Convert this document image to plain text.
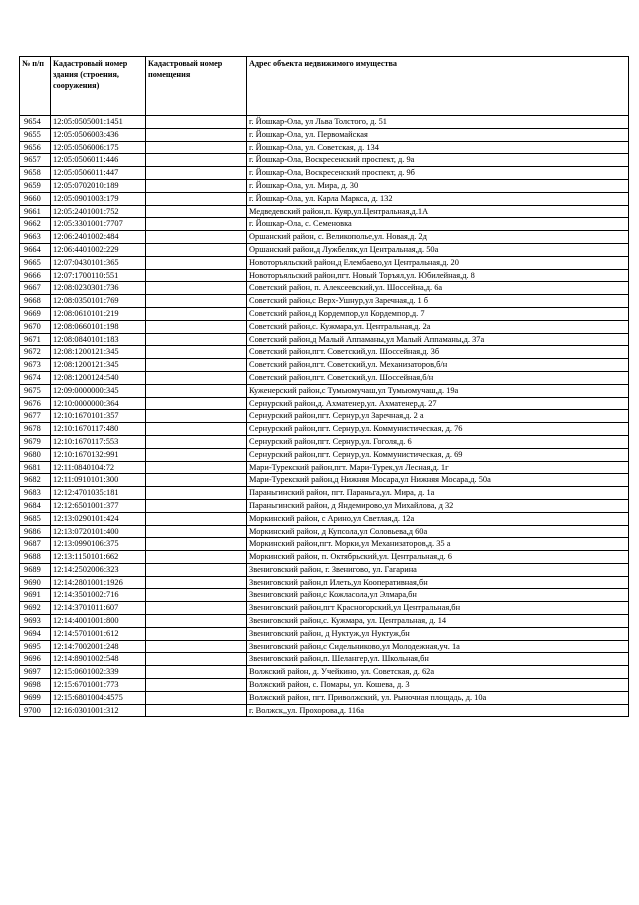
№ п/п	Кадастровый номер здания (строения, сооружения)	Кадастровый номер помещения	Адрес объекта недвижимого имущества
9654	12:05:0505001:1451		г. Йошкар-Ола, ул Льва Толстого, д. 51
9655	12:05:0506003:436		г. Йошкар-Ола, ул. Первомайская
9656	12:05:0506006:175		г. Йошкар-Ола, ул. Советская, д. 134
9657	12:05:0506011:446		г. Йошкар-Ола, Воскресенский проспект, д. 9а
9658	12:05:0506011:447		г. Йошкар-Ола, Воскресенский проспект, д. 9б
9659	12:05:0702010:189		г. Йошкар-Ола, ул. Мира, д. 30
9660	12:05:0901003:179		г. Йошкар-Ола, ул. Карла Маркса, д. 132
9661	12:05:2401001:752		Медведевский район,п. Куяр,ул.Центральная,д.1А
9662	12:05:3301001:7707		г. Йошкар-Ола, с. Семеновка
9663	12:06:2401002:484		Оршанский район, с. Великополье,ул. Новая,д. 2д
9664	12:06:4401002:229		Оршанский район,д Лужбеляк,ул Центральная,д. 50а
9665	12:07:0430101:365		Новоторъяльский район,д Елембаево,ул Центральная,д. 20
9666	12:07:1700110:551		Новоторъяльский район,пгт. Новый Торъял,ул. Юбилейная,д. 8
9667	12:08:0230301:736		Советский район, п. Алексеевский,ул. Шоссейна,д. 6а
9668	12:08:0350101:769		Советский район,с Верх-Ушнур,ул Заречная,д. 1 б
9669	12:08:0610101:219		Советский район,д Кордемпор,ул Кордемпор,д. 7
9670	12:08:0660101:198		Советский район,с. Кужмара,ул. Центральная,д. 2а
9671	12:08:0840101:183		Советский район,д Малый Аппаманы,ул Малый Аппаманы,д. 37а
9672	12:08:1200121:345		Советский район,пгт. Советский,ул. Шоссейная,д. 3б
9673	12:08:1200121:345		Советский район,пгт. Советский,ул. Механизаторов,б/н
9674	12:08:1200124:540		Советский район,пгт. Советский,ул. Шоссейная,б/н
9675	12:09:0000000:345		Куженерский район,с Тумьюмучаш,ул Тумьюмучаш,д. 19а
9676	12:10:0000000:364		Сернурский район,д. Ахматенер,ул. Ахматенер,д. 27
9677	12:10:1670101:357		Сернурский район,пгт. Сернур,ул Заречная,д. 2 а
9678	12:10:1670117:480		Сернурский район,пгт. Сернур,ул. Коммунистическая, д. 76
9679	12:10:1670117:553		Сернурский район,пгт. Сернур,ул. Гоголя,д. 6
9680	12:10:1670132:991		Сернурский район,пгт. Сернур,ул. Коммунистическая, д. 69
9681	12:11:0840104:72		Мари-Турекский район,пгт. Мари-Турек,ул Лесная,д. 1г
9682	12:11:0910101:300		Мари-Турекский район,д Нижняя Мосара,ул Нижняя Мосара,д. 50а
9683	12:12:4701035:181		Параньгинский район, пгт. Параньга,ул. Мира, д. 1а
9684	12:12:6501001:377		Параньгинский район, д Яндемирово,ул Михайлова, д 32
9685	12:13:0290101:424		Моркинский район, с Арино,ул Светлая,д. 12а
9686	12:13:0720101:400		Моркинский район, д Купсола,ул Соловьева,д 60а
9687	12:13:0990106:375		Моркинский район,пгт. Морки,ул Механизаторов,д. 35 а
9688	12:13:1150101:662		Моркинский район, п. Октябрьский,ул. Центральная,д. 6
9689	12:14:2502006:323		Звениговский район, г. Звенигово, ул. Гагарина
9690	12:14:2801001:1926		Звениговский район,п Илеть,ул Кооперативная,бн
9691	12:14:3501002:716		Звениговский район,с Кожласола,ул Элмара,бн
9692	12:14:3701011:607		Звениговский район,пгт Красногорский,ул Центральная,бн
9693	12:14:4001001:800		Звениговский район,с. Кужмара, ул. Центральная, д. 14
9694	12:14:5701001:612		Звениговский район, д Нуктуж,ул Нуктуж,бн
9695	12:14:7002001:248		Звениговский район,с Сидельниково,ул Молодежная,уч. 1а
9696	12:14:8901002:548		Звениговский район,п. Шелангер,ул. Школьная,бн
9697	12:15:0601002:339		Волжский район, д. Учейкино, ул. Советская, д. 62а
9698	12:15:6701001:773		Волжский район, с. Помары, ул. Кошева, д. 3
9699	12:15:6801004:4575		Волжский район, пгт. Приволжский, ул. Рыночная площадь, д. 10а
9700	12:16:0301001:312		г. Волжск,,ул. Прохорова,д. 116а
